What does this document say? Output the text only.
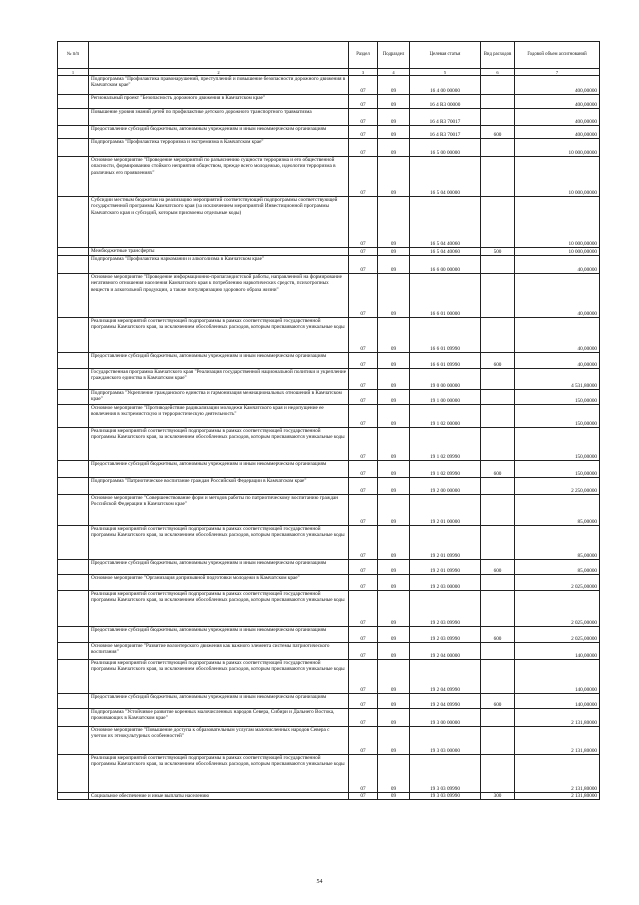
№ п/п		Раздел	Подраздел	Целевая статья	Вид расходов	Годовой объем ассигнований
1	2	3	4	5	6	7
	Подпрограмма "Профилактика правонарушений, преступлений и повышение безопасности дорожного движения в Камчатском крае"	07	09	16 4 00 00000		400,00000
	Региональный проект "Безопасность дорожного движения в Камчатском крае"	07	09	16 4 R3 00000		400,00000
	Повышение уровня знаний детей по профилактике детского дорожного транспортного травматизма	07	09	16 4 R3 70017		400,00000
	Предоставление субсидий бюджетным, автономным учреждениям и иным некоммерческим организациям	07	09	16 4 R3 70017	600	400,00000
	Подпрограмма "Профилактика терроризма и экстремизма в Камчатском крае"	07	09	16 5 00 00000		10 000,00000
	Основное мероприятие "Проведение мероприятий по разъяснению сущности терроризма и его общественной опасности, формированию стойкого неприятия обществом, прежде всего молодежью, идеологии терроризма в различных его проявлениях"	07	09	16 5 04 00000		10 000,00000
	Субсидии местным бюджетам на реализацию мероприятий соответствующей подпрограммы соответствующей государственной программы Камчатского края (за исключением мероприятий Инвестиционной программы Камчатского края и субсидий, которым присвоены отдельные коды)	07	09	16 5 04 40060		10 000,00000
	Межбюджетные трансферты	07	09	16 5 04 40060	500	10 000,00000
	Подпрограмма "Профилактика наркомании и алкоголизма в Камчатском крае"	07	09	16 6 00 00000		40,00000
	Основное мероприятие "Проведение информационно-пропагандистской работы, направленной на формирование негативного отношения населения Камчатского края к потреблению наркотических средств, психотропных веществ и алкогольной продукции, а также популяризацию здорового образа жизни"	07	09	16 6 01 00000		40,00000
	Реализация мероприятий соответствующей подпрограммы в рамках соответствующей государственной программы Камчатского края, за исключением обособленных расходов, которым присваиваются уникальные коды	07	09	16 6 01 09990		40,00000
	Предоставление субсидий бюджетным, автономным учреждениям и иным некоммерческим организациям	07	09	16 6 01 09990	600	40,00000
	Государственная программа Камчатского края "Реализация государственной национальной политики и укрепление гражданского единства в Камчатском крае"	07	09	19 0 00 00000		4 531,80000
	Подпрограмма "Укрепление гражданского единства и гармонизация межнациональных отношений в Камчатском крае"	07	09	19 1 00 00000		150,00000
	Основное мероприятие "Противодействие радикализации молодежи Камчатского края и недопущение ее вовлечения в экстремистскую и террористическую деятельность"	07	09	19 1 02 00000		150,00000
	Реализация мероприятий соответствующей подпрограммы в рамках соответствующей государственной программы Камчатского края, за исключением обособленных расходов, которым присваиваются уникальные коды	07	09	19 1 02 09990		150,00000
	Предоставление субсидий бюджетным, автономным учреждениям и иным некоммерческим организациям	07	09	19 1 02 09990	600	150,00000
	Подпрограмма "Патриотическое воспитание граждан Российской Федерации в Камчатском крае"	07	09	19 2 00 00000		2 250,00000
	Основное мероприятие "Совершенствование форм и методов работы по патриотическому воспитанию граждан Российской Федерации в Камчатском крае"	07	09	19 2 01 00000		85,00000
	Реализация мероприятий соответствующей подпрограммы в рамках соответствующей государственной программы Камчатского края, за исключением обособленных расходов, которым присваиваются уникальные коды	07	09	19 2 01 09990		85,00000
	Предоставление субсидий бюджетным, автономным учреждениям и иным некоммерческим организациям	07	09	19 2 01 09990	600	85,00000
	Основное мероприятие "Организация допризывной подготовки молодежи в Камчатском крае"	07	09	19 2 03 00000		2 025,00000
	Реализация мероприятий соответствующей подпрограммы в рамках соответствующей государственной программы Камчатского края, за исключением обособленных расходов, которым присваиваются уникальные коды	07	09	19 2 03 09990		2 025,00000
	Предоставление субсидий бюджетным, автономным учреждениям и иным некоммерческим организациям	07	09	19 2 03 09990	600	2 025,00000
	Основное мероприятие "Развитие волонтерского движения как важного элемента системы патриотического воспитания"	07	09	19 2 04 00000		140,00000
	Реализация мероприятий соответствующей подпрограммы в рамках соответствующей государственной программы Камчатского края, за исключением обособленных расходов, которым присваиваются уникальные коды	07	09	19 2 04 09990		140,00000
	Предоставление субсидий бюджетным, автономным учреждениям и иным некоммерческим организациям	07	09	19 2 04 09990	600	140,00000
	Подпрограмма "Устойчивое развитие коренных малочисленных народов Севера, Сибири и Дальнего Востока, проживающих в Камчатском крае"	07	09	19 3 00 00000		2 131,80000
	Основное мероприятие "Повышение доступа к образовательным услугам малочисленных народов Севера с учетом их этнокультурных особенностей"	07	09	19 3 03 00000		2 131,80000
	Реализация мероприятий соответствующей подпрограммы в рамках соответствующей государственной программы Камчатского края, за исключением обособленных расходов, которым присваиваются уникальные коды	07	09	19 3 03 09990		2 131,80000
	Социальное обеспечение и иные выплаты населению	07	09	19 3 03 09990	300	2 131,80000
54
